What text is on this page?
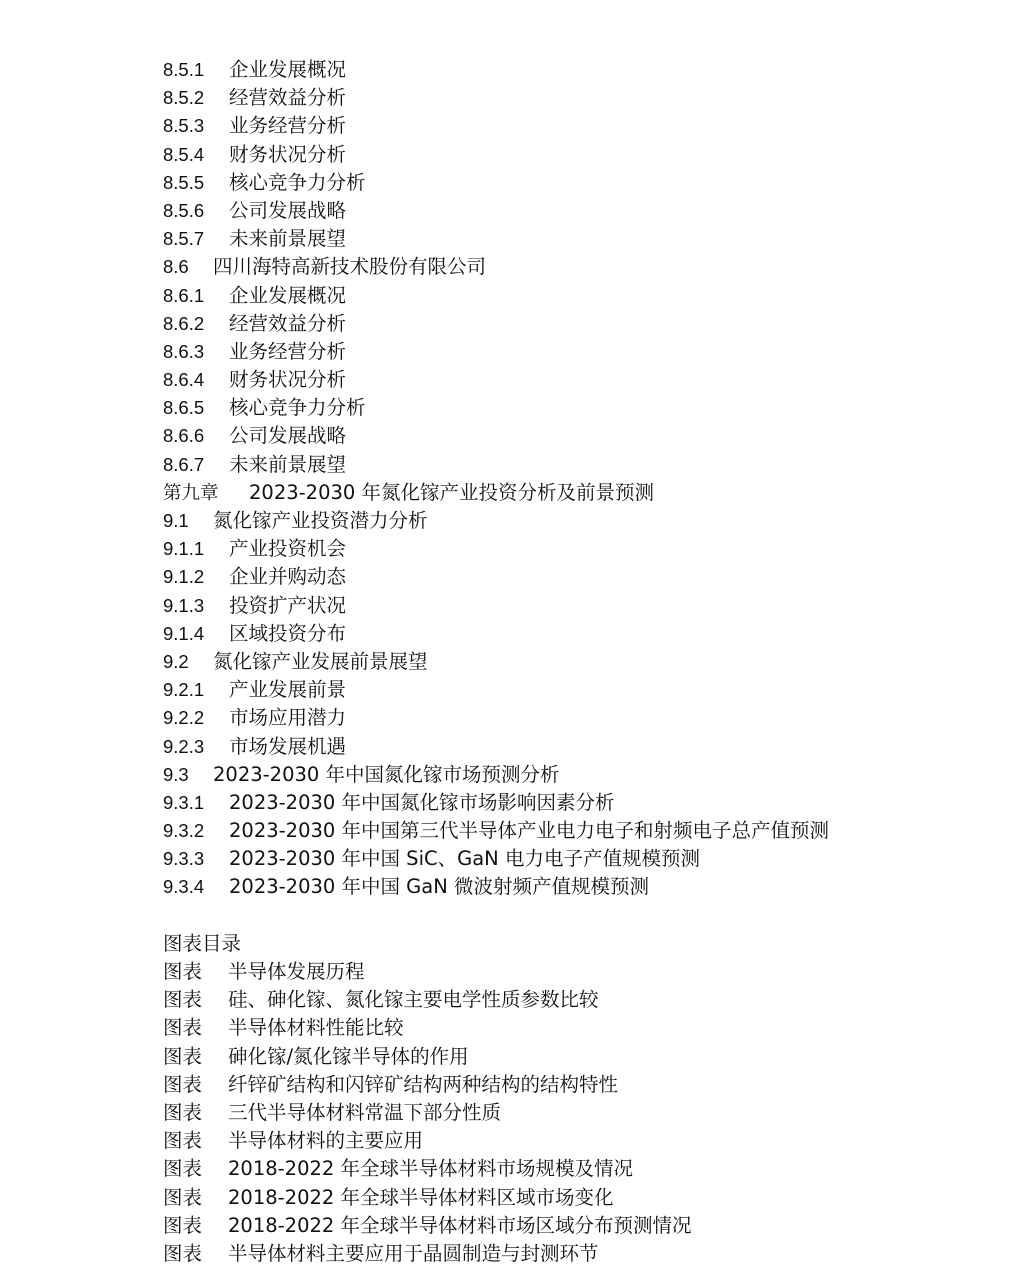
8.5.1 企业发展概况
8.5.2 经营效益分析
8.5.3 业务经营分析
8.5.4 财务状况分析
8.5.5 核心竞争力分析
8.5.6 公司发展战略
8.5.7 未来前景展望
8.6 四川海特高新技术股份有限公司
8.6.1 企业发展概况
8.6.2 经营效益分析
8.6.3 业务经营分析
8.6.4 财务状况分析
8.6.5 核心竞争力分析
8.6.6 公司发展战略
8.6.7 未来前景展望
第九章 2023-2030 年氮化镓产业投资分析及前景预测
9.1 氮化镓产业投资潜力分析
9.1.1 产业投资机会
9.1.2 企业并购动态
9.1.3 投资扩产状况
9.1.4 区域投资分布
9.2 氮化镓产业发展前景展望
9.2.1 产业发展前景
9.2.2 市场应用潜力
9.2.3 市场发展机遇
9.3 2023-2030 年中国氮化镓市场预测分析
9.3.1 2023-2030 年中国氮化镓市场影响因素分析
9.3.2 2023-2030 年中国第三代半导体产业电力电子和射频电子总产值预测
9.3.3 2023-2030 年中国 SiC、GaN 电力电子产值规模预测
9.3.4 2023-2030 年中国 GaN 微波射频产值规模预测
图表目录
图表 半导体发展历程
图表 硅、砷化镓、氮化镓主要电学性质参数比较
图表 半导体材料性能比较
图表 砷化镓/氮化镓半导体的作用
图表 纤锌矿结构和闪锌矿结构两种结构的结构特性
图表 三代半导体材料常温下部分性质
图表 半导体材料的主要应用
图表 2018-2022 年全球半导体材料市场规模及情况
图表 2018-2022 年全球半导体材料区域市场变化
图表 2018-2022 年全球半导体材料市场区域分布预测情况
图表 半导体材料主要应用于晶圆制造与封测环节
